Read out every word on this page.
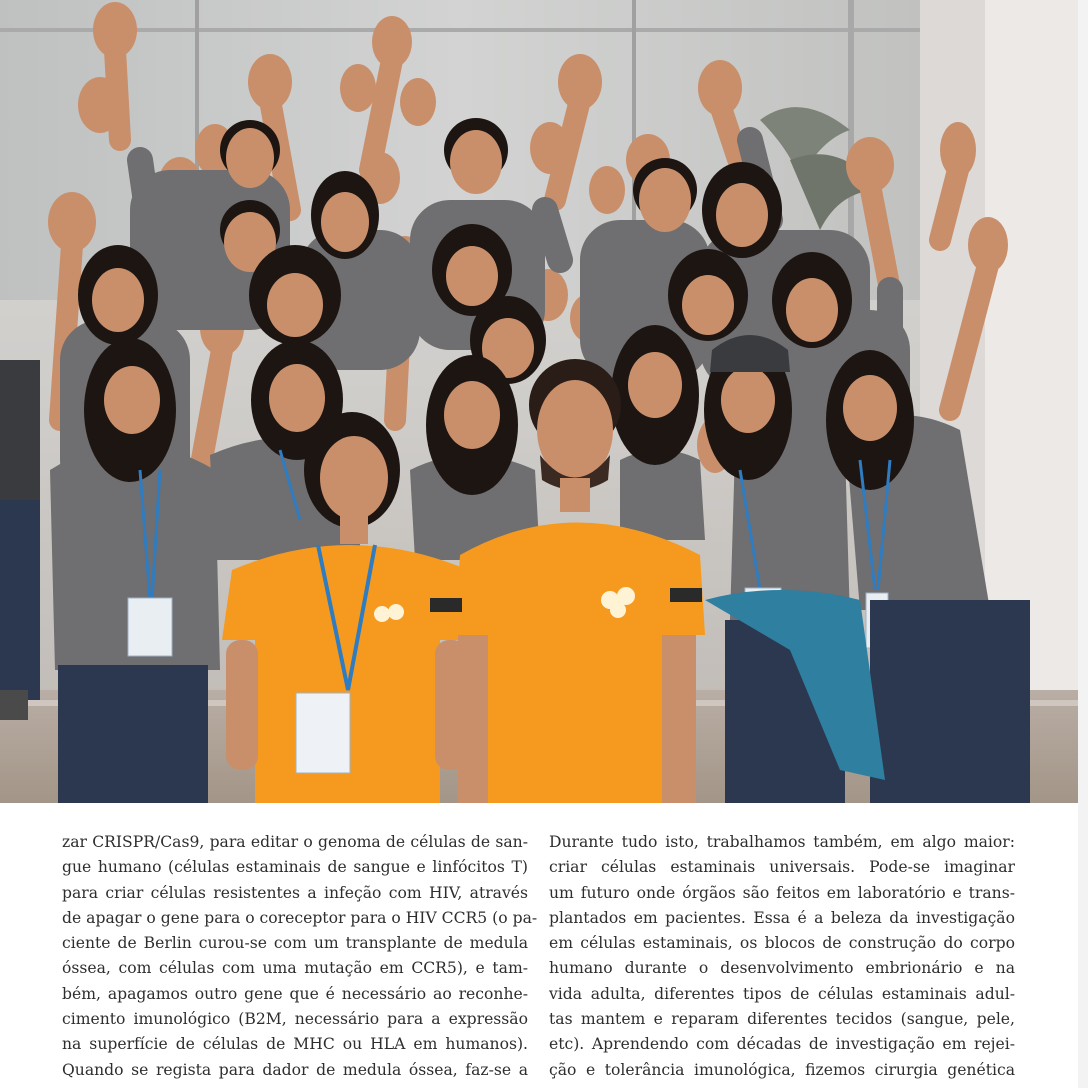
zar CRISPR/Cas9, para editar o genoma de células de san-
gue humano (células estaminais de sangue e linfócitos T)
para criar células resistentes a infeção com HIV, através
de apagar o gene para o coreceptor para o HIV CCR5 (o pa-
ciente de Berlin curou-se com um transplante de medula
óssea, com células com uma mutação em CCR5), e tam-
bém, apagamos outro gene que é necessário ao reconhe-
cimento imunológico (B2M, necessário para a expressão
na superfície de células de MHC ou HLA em humanos).
Quando se regista para dador de medula óssea, faz-se a
Durante tudo isto, trabalhamos também, em algo maior:
criar células estaminais universais. Pode-se imaginar
um futuro onde órgãos são feitos em laboratório e trans-
plantados em pacientes. Essa é a beleza da investigação
em células estaminais, os blocos de construção do corpo
humano durante o desenvolvimento embrionário e na
vida adulta, diferentes tipos de células estaminais adul-
tas mantem e reparam diferentes tecidos (sangue, pele,
etc). Aprendendo com décadas de investigação em rejei-
ção e tolerância imunológica, fizemos cirurgia genética
